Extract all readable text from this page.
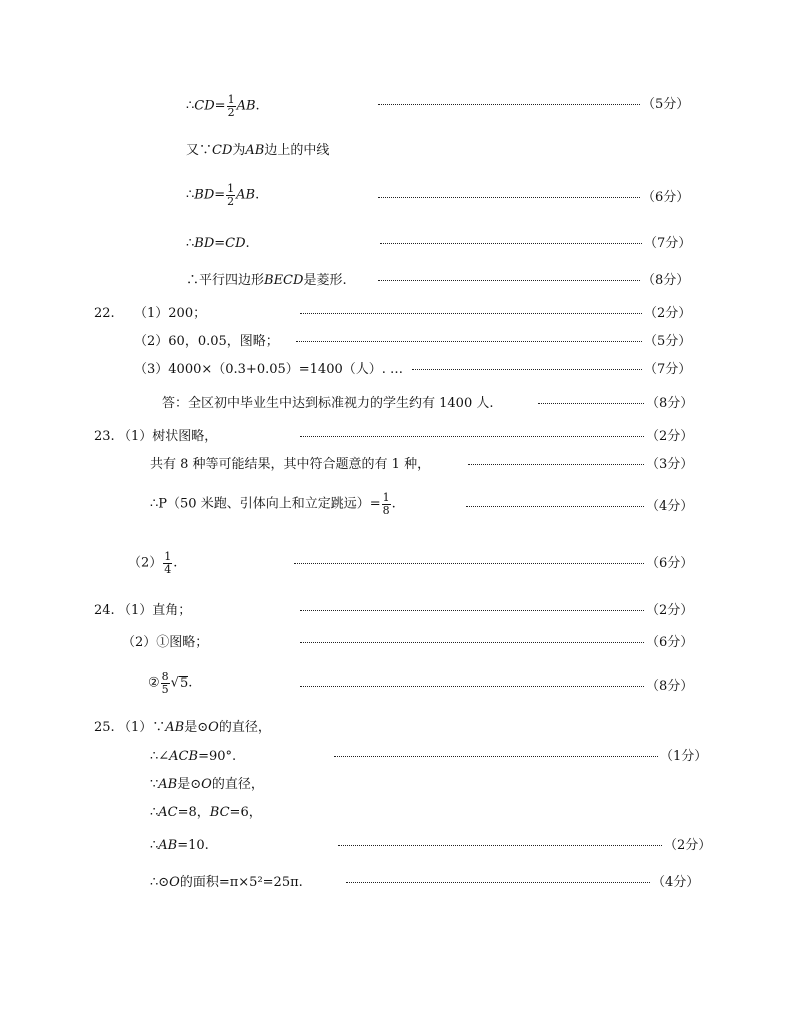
∴CD= $\frac{1}{2}$ AB.	（5分）
又∵CD为AB边上的中线
∴BD= $\frac{1}{2}$ AB.	（6分）
∴BD=CD.	（7分）
∴平行四边形BECD是菱形.	（8分）
22. （1）200；	（2分）
（2）60，0.05，图略；	（5分）
（3）4000×（0.3+0.05）=1400（人）. …	（7分）
答：全区初中毕业生中达到标准视力的学生约有 1400 人.	（8分）
23. （1）树状图略，	（2分）
共有 8 种等可能结果，其中符合题意的有 1 种，	（3分）
∴P（50 米跑、引体向上和立定跳远）= $\frac{1}{8}$ .	（4分）
$(2) \frac{1}{4}$ .	（6分）
24. （1）直角；	（2分）
（2）①图略；	（6分）
② $\frac{8}{5} √5$.	（8分）
25. （1）∵AB是⊙O的直径，
∴∠ACB=90°.	（1分）
∵AB是⊙O的直径，
∴AC=8，BC=6，
∴AB=10.	（2分）
∴⊙O的面积=π×5²=25π.	（4分）
